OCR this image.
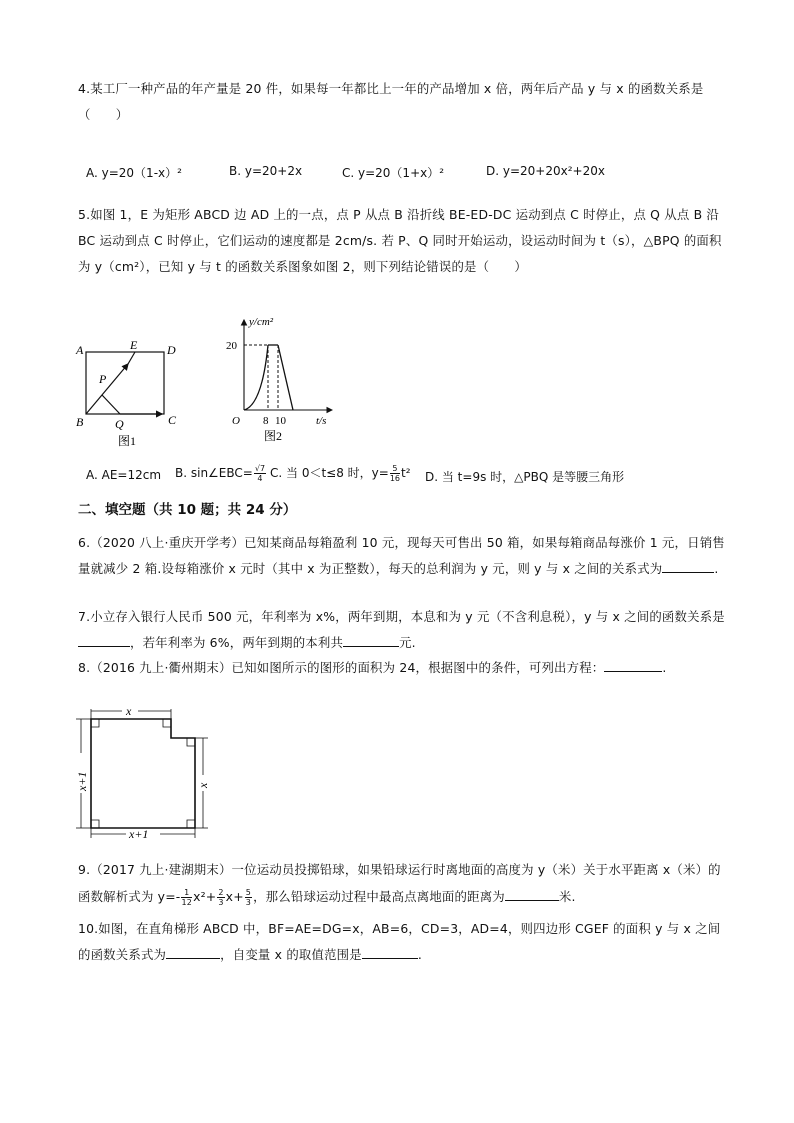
4.某工厂一种产品的年产量是 20 件，如果每一年都比上一年的产品增加 x 倍，两年后产品 y 与 x 的函数关系是（　　）
A. y=20（1-x）²	B. y=20+2x	C. y=20（1+x）²	D. y=20+20x²+20x
5.如图 1，E 为矩形 ABCD 边 AD 上的一点，点 P 从点 B 沿折线 BE-ED-DC 运动到点 C 时停止，点 Q 从点 B 沿 BC 运动到点 C 时停止，它们运动的速度都是 2cm/s. 若 P、Q 同时开始运动，设运动时间为 t（s），△BPQ 的面积为 y（cm²），已知 y 与 t 的函数关系图象如图 2，则下列结论错误的是（　　）
A	E D
B	C
P
Q
图1
y/cm²
20
O 8 10	t/s
图2
A. AE=12cm B. sin∠EBC= $\frac{√7}{4} C$. 当 0＜t≤8 时，$y= \frac{5}{16} t^2$ D. 当 t=9s 时，△PBQ 是等腰三角形
二、填空题（共 10 题；共 24 分）
6.（2020 八上·重庆开学考）已知某商品每箱盈利 10 元，现每天可售出 50 箱，如果每箱商品每涨价 1 元，日销售量就减少 2 箱.设每箱涨价 x 元时（其中 x 为正整数），每天的总利润为 y 元，则 y 与 x 之间的关系式为	.
7.小立存入银行人民币 500 元，年利率为 x%，两年到期，本息和为 y 元（不含利息税），y 与 x 之间的函数关系是，若年利率为 6%，两年到期的本利共	元.
8.（2016 九上·衢州期末）已知如图所示的图形的面积为 24，根据图中的条件，可列出方程：	.
x
x+1	x
x+1
9.（2017 九上·建湖期末）一位运动员投掷铅球，如果铅球运行时离地面的高度为 y（米）关于水平距离 x（米）的函数解析式为 $y=- \frac{1}{12} x^2+ \frac{2}{3} x+ \frac{5}{3}$ ，那么铅球运动过程中最高点离地面的距离为	米.
10.如图，在直角梯形 ABCD 中，BF=AE=DG=x，AB=6，CD=3，AD=4，则四边形 CGEF 的面积 y 与 x 之间的函数关系式为	，自变量 x 的取值范围是	.
